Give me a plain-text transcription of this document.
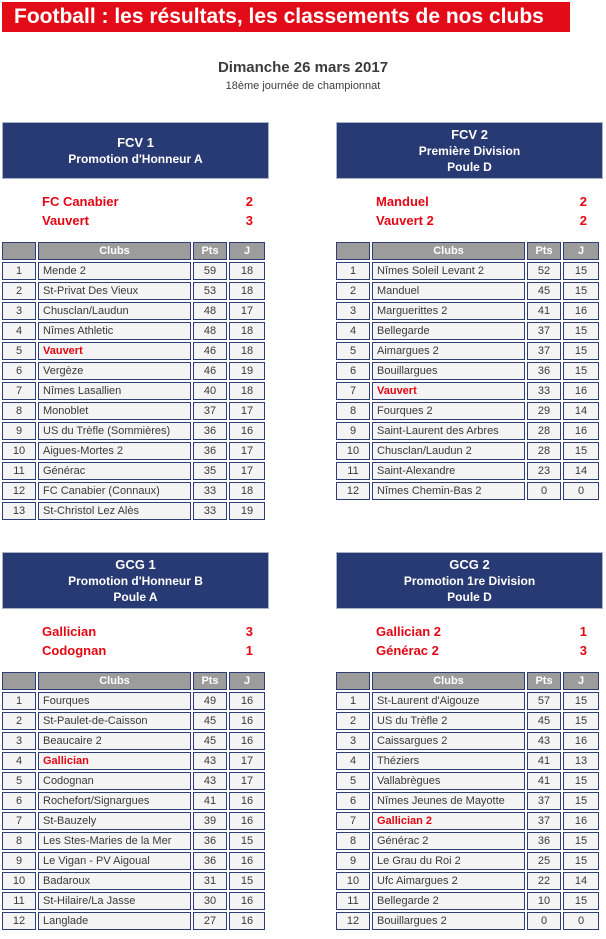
Football : les résultats, les classements de nos clubs
Dimanche 26 mars 2017
18ème journée de championnat
FCV 1
Promotion d'Honneur A
FC Canabier	2
Vauvert	3
	Clubs	Pts	J
1	Mende 2	59	18
2	St-Privat Des Vieux	53	18
3	Chusclan/Laudun	48	17
4	Nîmes Athletic	48	18
5	Vauvert	46	18
6	Vergèze	46	19
7	Nîmes Lasallien	40	18
8	Monoblet	37	17
9	US du Trèfle (Sommières)	36	16
10	Aigues-Mortes 2	36	17
11	Générac	35	17
12	FC Canabier (Connaux)	33	18
13	St-Christol Lez Alès	33	19
FCV 2
Première Division
Poule D
Manduel	2
Vauvert 2	2
	Clubs	Pts	J
1	Nîmes Soleil Levant 2	52	15
2	Manduel	45	15
3	Marguerittes 2	41	16
4	Bellegarde	37	15
5	Aimargues 2	37	15
6	Bouillargues	36	15
7	Vauvert	33	16
8	Fourques 2	29	14
9	Saint-Laurent des Arbres	28	16
10	Chusclan/Laudun 2	28	15
11	Saint-Alexandre	23	14
12	Nîmes Chemin-Bas 2	0	0
GCG 1
Promotion d'Honneur B
Poule A
Gallician	3
Codognan	1
	Clubs	Pts	J
1	Fourques	49	16
2	St-Paulet-de-Caisson	45	16
3	Beaucaire 2	45	16
4	Gallician	43	17
5	Codognan	43	17
6	Rochefort/Signargues	41	16
7	St-Bauzely	39	16
8	Les Stes-Maries de la Mer	36	15
9	Le Vigan - PV Aigoual	36	16
10	Badaroux	31	15
11	St-Hilaire/La Jasse	30	16
12	Langlade	27	16
GCG 2
Promotion 1re Division
Poule D
Gallician 2	1
Générac 2	3
	Clubs	Pts	J
1	St-Laurent d'Aigouze	57	15
2	US du Trèfle 2	45	15
3	Caissargues 2	43	16
4	Théziers	41	13
5	Vallabrègues	41	15
6	Nîmes Jeunes de Mayotte	37	15
7	Gallician 2	37	16
8	Générac 2	36	15
9	Le Grau du Roi 2	25	15
10	Ufc Aimargues 2	22	14
11	Bellegarde 2	10	15
12	Bouillargues 2	0	0
